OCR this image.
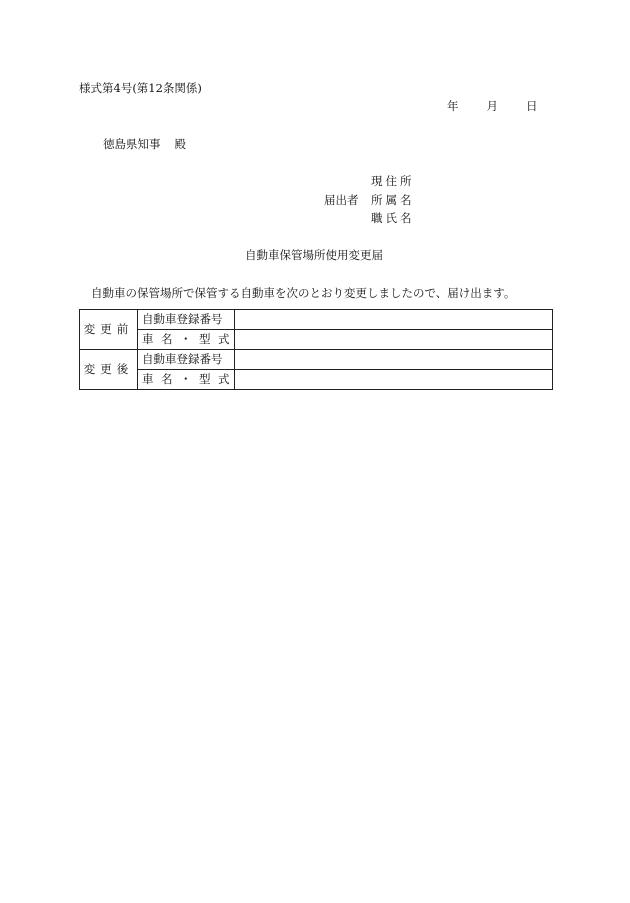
様式第4号(第12条関係)
年 月 日
徳島県知事 殿
届出者
現住所
所属名
職氏名
自動車保管場所使用変更届
自動車の保管場所で保管する自動車を次のとおり変更しましたので、届け出ます。
変更前	自動車登録番号	
	車名・型式	
変更後	自動車登録番号	
	車名・型式	
